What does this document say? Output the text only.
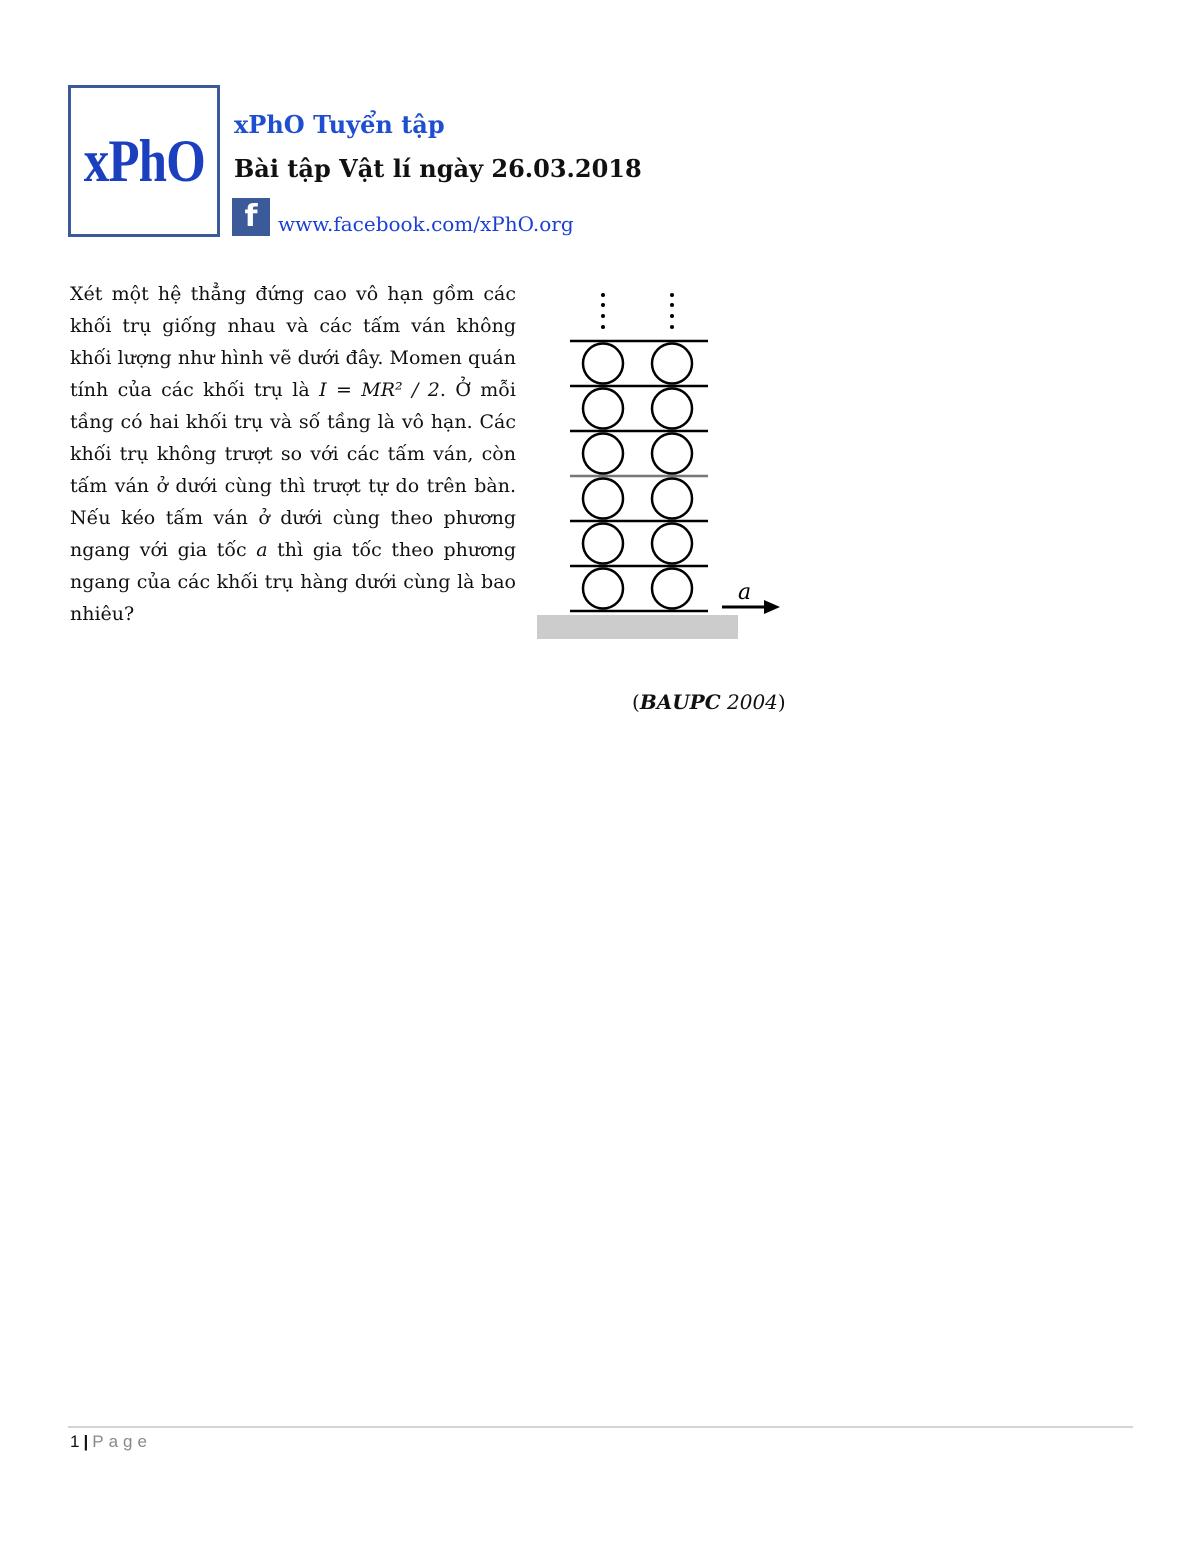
xPhO
xPhO Tuyển tập
Bài tập Vật lí ngày 26.03.2018
f	www.facebook.com/xPhO.org
Xét một hệ thẳng đứng cao vô hạn gồm các khối trụ giống nhau và các tấm ván không khối lượng như hình vẽ dưới đây. Momen quán tính của các khối trụ là I = MR² / 2. Ở mỗi tầng có hai khối trụ và số tầng là vô hạn. Các khối trụ không trượt so với các tấm ván, còn tấm ván ở dưới cùng thì trượt tự do trên bàn. Nếu kéo tấm ván ở dưới cùng theo phương ngang với gia tốc a thì gia tốc theo phương ngang của các khối trụ hàng dưới cùng là bao nhiêu?
a
(BAUPC 2004)
1 | Page
